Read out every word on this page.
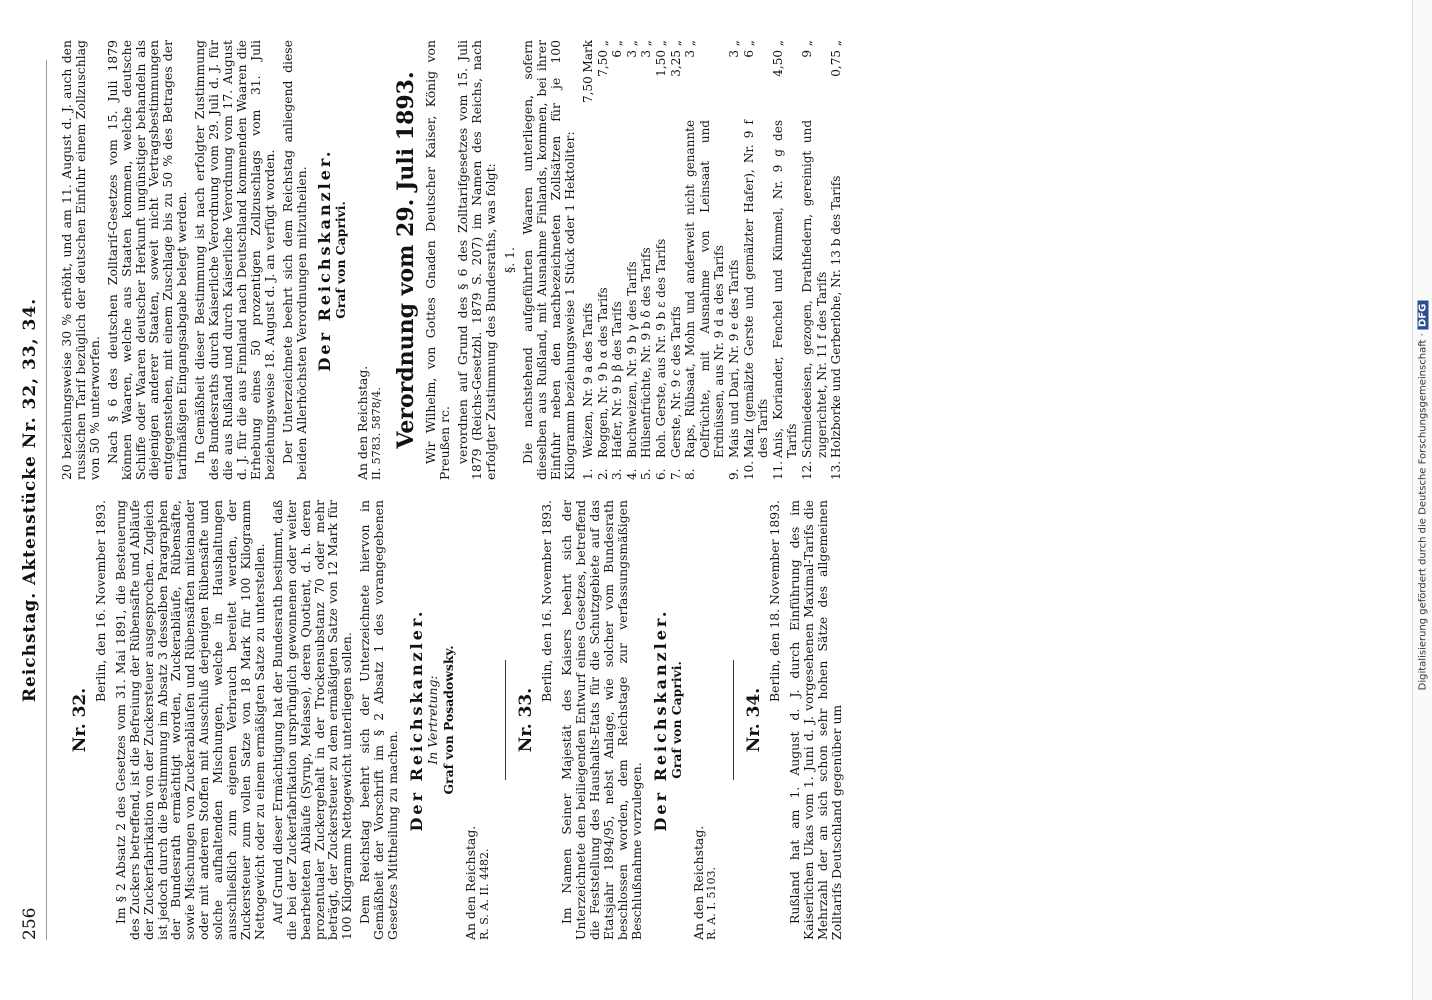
256
Reichstag. Aktenstücke Nr. 32, 33, 34.
Nr. 32.
Berlin, den 16. November 1893. Im § 2 Absatz 2 des Gesetzes vom 31. Mai 1891, die Besteuerung des Zuckers betreffend, ist die Befreiung der Rübensäfte und Abläufe der Zuckerfabrikation von der Zuckersteuer ausgesprochen. Zugleich ist jedoch durch die Bestimmung im Absatz 3 desselben Paragraphen der Bundesrath ermächtigt worden, Zuckerabläufe, Rübensäfte, sowie Mischungen von Zuckerabläufen und Rübensäften miteinander oder mit anderen Stoffen mit Ausschluß derjenigen Rübensäfte und solche aufhaltenden Mischungen, welche in Haushaltungen ausschließlich zum eigenen Verbrauch bereitet werden, der Zuckersteuer zum vollen Satze von 18 Mark für 100 Kilogramm Nettogewicht oder zu einem ermäßigten Satze zu unterstellen. Auf Grund dieser Ermächtigung hat der Bundesrath bestimmt, daß die bei der Zuckerfabrikation ursprünglich gewonnenen oder weiter bearbeiteten Abläufe (Syrup, Melasse), deren Quotient, d. h. deren prozentualer Zuckergehalt in der Trockensubstanz 70 oder mehr beträgt, der Zuckersteuer zu dem ermäßigten Satze von 12 Mark für 100 Kilogramm Nettogewicht unterliegen sollen. Dem Reichstag beehrt sich der Unterzeichnete hiervon in Gemäßheit der Vorschrift im § 2 Absatz 1 des vorangegebenen Gesetzes Mittheilung zu machen.

Der Reichskanzler.
In Vertretung: Graf von Posadowsky.
An den Reichstag. R. S. A. II. 4482.
Nr. 33.
Berlin, den 16. November 1893. Im Namen Seiner Majestät des Kaisers beehrt sich der Unterzeichnete den beiliegenden Entwurf eines Gesetzes, betreffend die Feststellung des Haushalts-Etats für die Schutzgebiete auf das Etatsjahr 1894/95, nebst Anlage, wie solcher vom Bundesrath beschlossen worden, dem Reichstage zur verfassungsmäßigen Beschlußnahme vorzulegen.

Der Reichskanzler.
Graf von Caprivi.
An den Reichstag. R. A. I. 5103.
Nr. 34.
Berlin, den 18. November 1893. Rußland hat am 1. August d. J. durch Einführung des im Kaiserlichen Ukas vom 1. Juni d. J. vorgesehenen Maximal-Tarifs die Mehrzahl der an sich schon sehr hohen Sätze des allgemeinen Zolltarifs Deutschland gegenüber um

20 beziehungsweise 30 % erhöht, und am 11. August d. J. auch den russischen Tarif bezüglich der deutschen Einfuhr einem Zollzuschlag von 50 % unterworfen. Nach § 6 des deutschen Zolltarif-Gesetzes vom 15. Juli 1879 können Waaren, welche aus Staaten kommen, welche deutsche Schiffe oder Waaren deutscher Herkunft ungünstiger behandeln als diejenigen anderer Staaten, soweit nicht Vertragsbestimmungen entgegenstehen, mit einem Zuschlage bis zu 50 % des Betrages der tarifmäßigen Eingangsabgabe belegt werden. In Gemäßheit dieser Bestimmung ist nach erfolgter Zustimmung des Bundesraths durch Kaiserliche Verordnung vom 29. Juli d. J. für die aus Rußland und durch Kaiserliche Verordnung vom 17. August d. J. für die aus Finnland nach Deutschland kommenden Waaren die Erhebung eines 50 prozentigen Zollzuschlags vom 31. Juli beziehungsweise 18. August d. J. an verfügt worden. Der Unterzeichnete beehrt sich dem Reichstag anliegend diese beiden Allerhöchsten Verordnungen mitzutheilen. Der Reichskanzler.
Graf von Caprivi.
An den Reichstag. II. 5783. 5878/4. Verordnung vom 29. Juli 1893. Wir Wilhelm, von Gottes Gnaden Deutscher Kaiser, König von Preußen rc. verordnen auf Grund des § 6 des Zolltarifgesetzes vom 15. Juli 1879 (Reichs-Gesetzbl. 1879 S. 207) im Namen des Reichs, nach erfolgter Zustimmung des Bundesraths, was folgt: §. 1. Die nachstehend aufgeführten Waaren unterliegen, sofern dieselben aus Rußland, mit Ausnahme Finlands, kommen, bei ihrer Einfuhr neben den nachbezeichneten Zollsätzen für je 100 Kilogramm beziehungsweise 1 Stück oder 1 Hektoliter: 1.
Weizen, Nr. 9 a des Tarifs
7,50 Mark
2.
Roggen, Nr. 9 b α des Tarifs
7,50 „
3.
Hafer, Nr. 9 b β des Tarifs
6 „
4.
Buchweizen, Nr. 9 b γ des Tarifs
3 „
5.
Hülsenfrüchte, Nr. 9 b δ des Tarifs
3 „
6.
Roh. Gerste, aus Nr. 9 b ε des Tarifs
1,50 „
7.
Gerste, Nr. 9 c des Tarifs
3,25 „
8.
Raps, Rübsaat, Mohn und anderweit nicht genannte Oelfrüchte, mit Ausnahme von Leinsaat und Erdnüssen, aus Nr. 9 d a des Tarifs
3 „
9.
Mais und Dari, Nr. 9 e des Tarifs
3 „
10.
Malz (gemälzte Gerste und gemälzter Hafer), Nr. 9 f des Tarifs
6 „
11.
Anis, Koriander, Fenchel und Kümmel, Nr. 9 g des Tarifs
4,50 „
12.
Schmiedeeisen, gezogen, Drathfedern, gereinigt und zugerichtet, Nr. 11 f des Tarifs
9 „
13.
Holzborke und Gerberlohe, Nr. 13 b des Tarifs
0,75 „
Digitalisierung gefördert durch die Deutsche Forschungsgemeinschaft · DFG
